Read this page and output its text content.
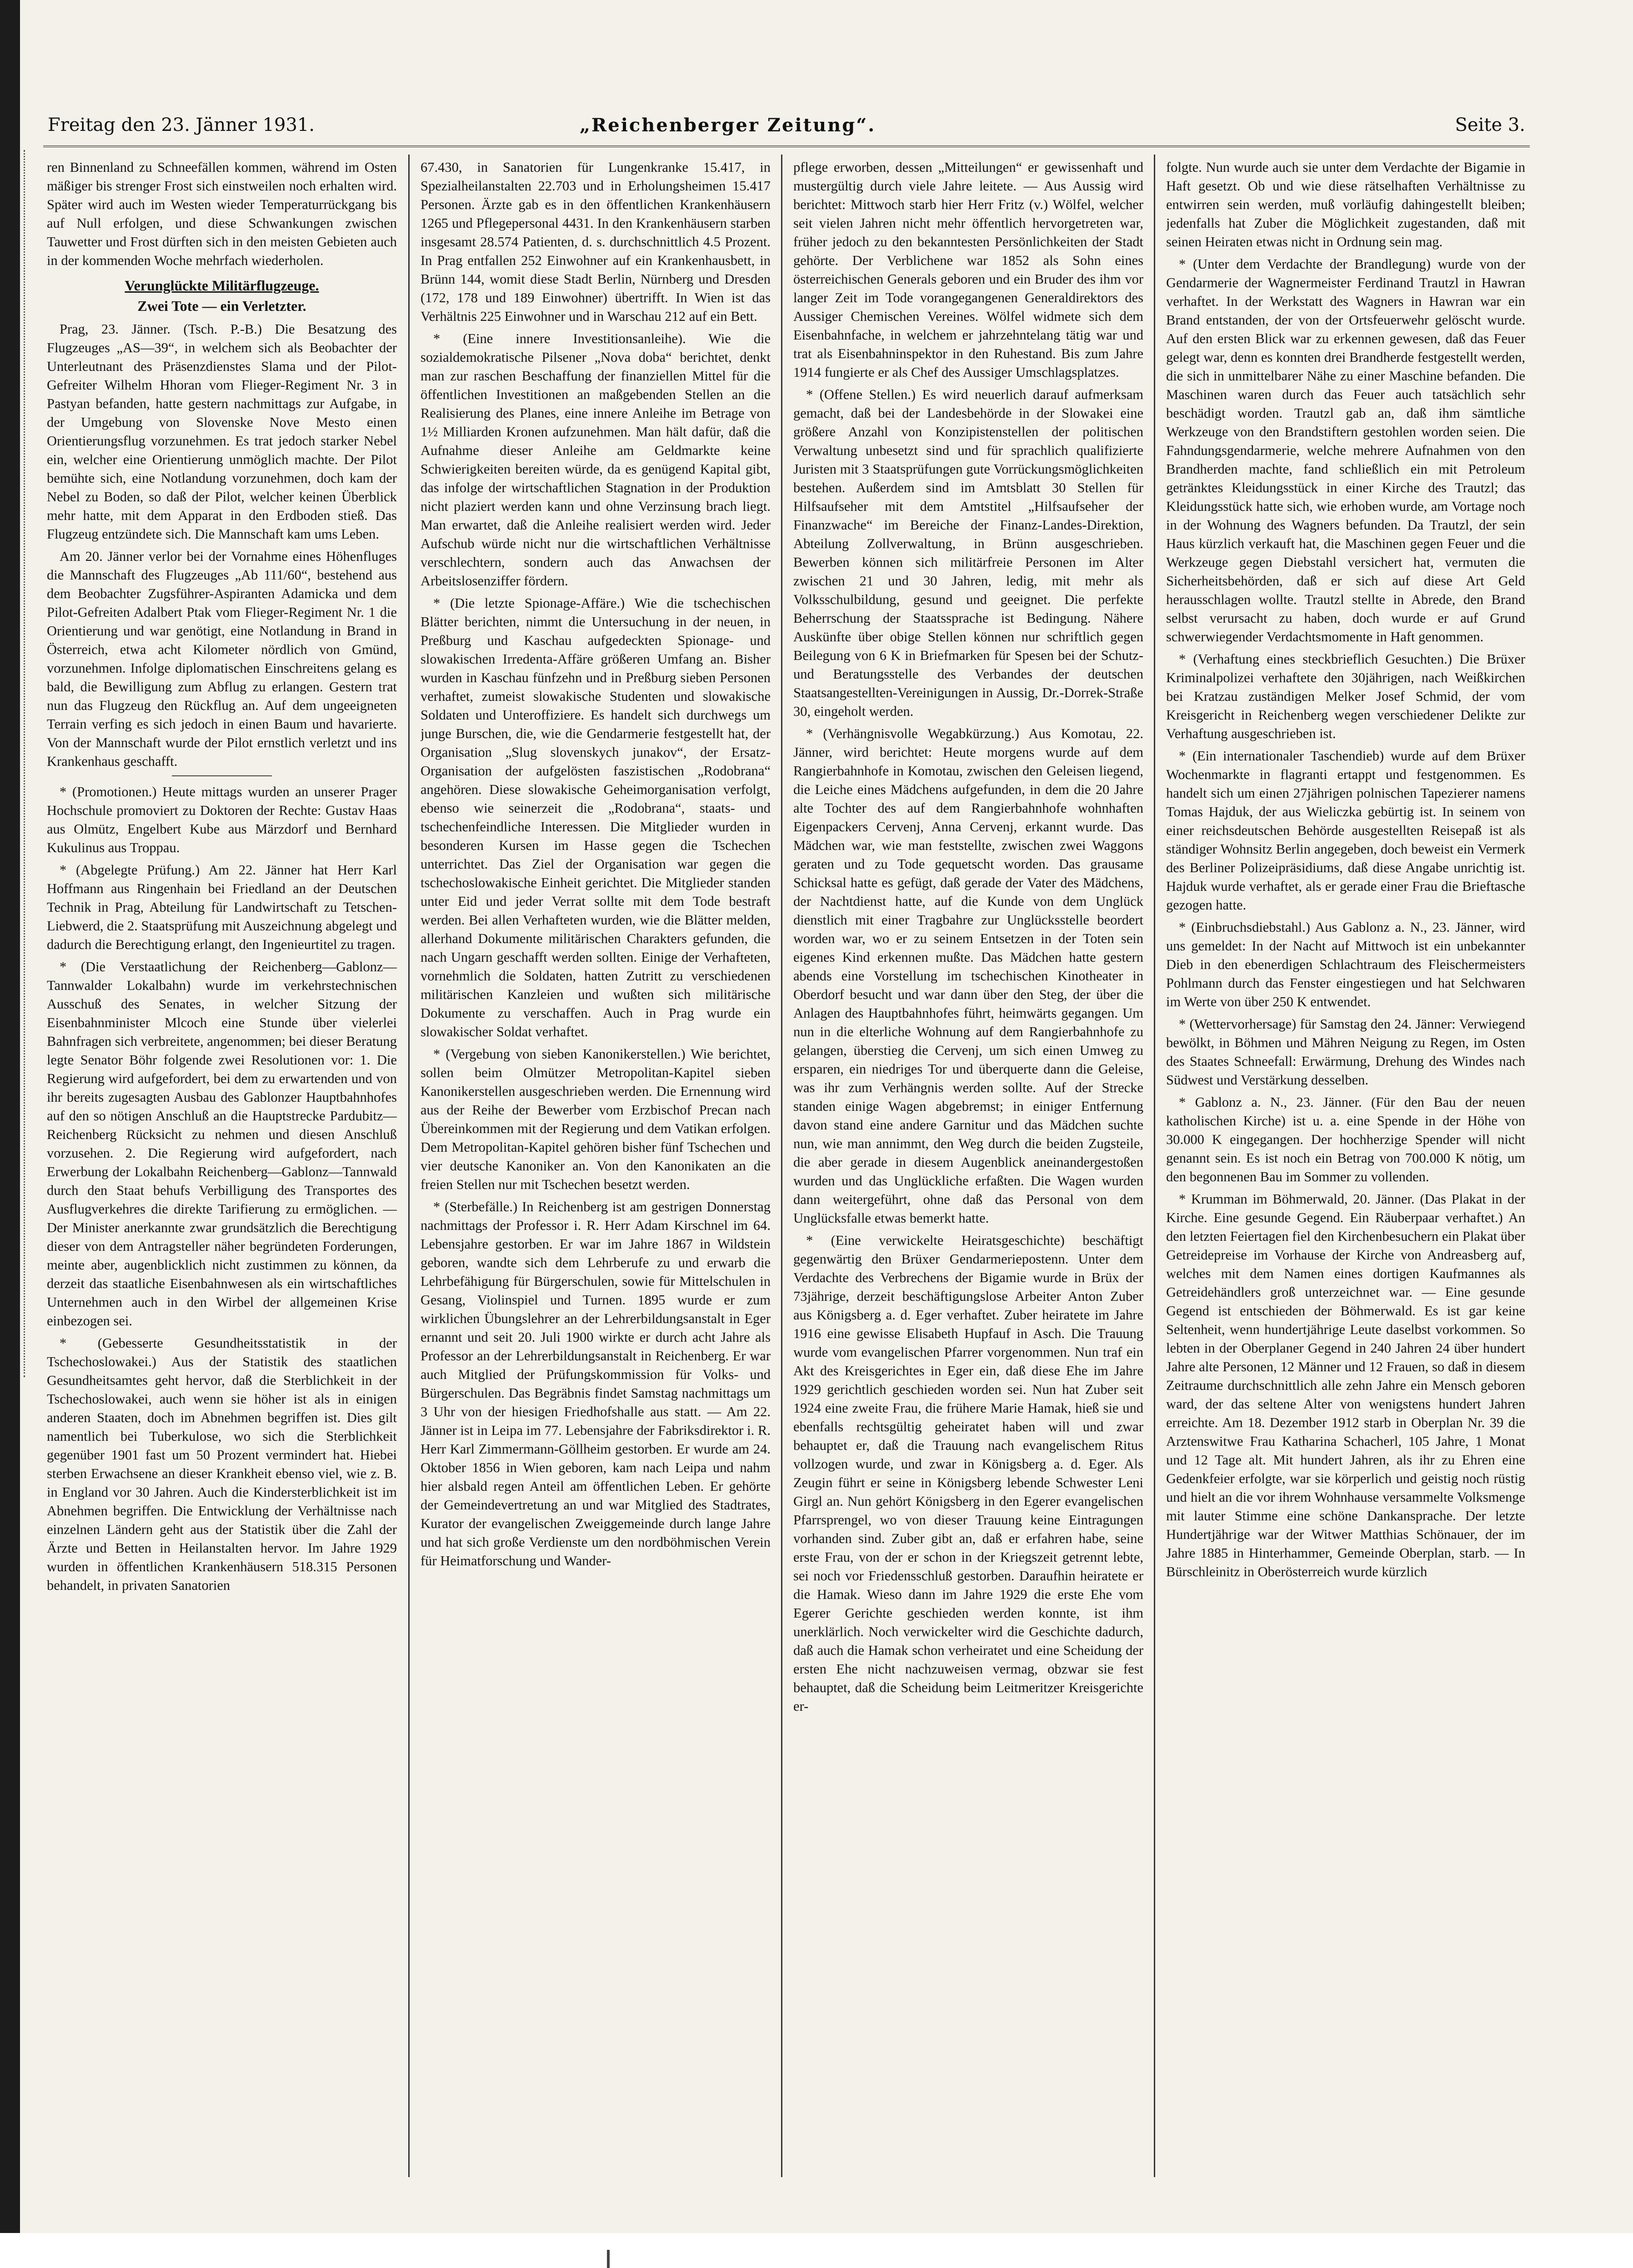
Freitag den 23. Jänner 1931.	„Reichenberger Zeitung“.	Seite 3.

ren Binnenland zu Schneefällen kommen, während im Osten mäßiger bis strenger Frost sich einstweilen noch erhalten wird. Später wird auch im Westen wieder Temperaturrückgang bis auf Null erfolgen, und diese Schwankungen zwischen Tauwetter und Frost dürften sich in den meisten Gebieten auch in der kommenden Woche mehrfach wiederholen.

Verunglückte Militärflugzeuge.
Zwei Tote — ein Verletzter.

Prag, 23. Jänner. (Tsch. P.-B.) Die Besatzung des Flugzeuges „AS—39“, in welchem sich als Beobachter der Unterleutnant des Präsenzdienstes Slama und der Pilot-Gefreiter Wilhelm Hhoran vom Flieger-Regiment Nr. 3 in Pastyan befanden, hatte gestern nachmittags zur Aufgabe, in der Umgebung von Slovenske Nove Mesto einen Orientierungsflug vorzunehmen. Es trat jedoch starker Nebel ein, welcher eine Orientierung unmöglich machte. Der Pilot bemühte sich, eine Notlandung vorzunehmen, doch kam der Nebel zu Boden, so daß der Pilot, welcher keinen Überblick mehr hatte, mit dem Apparat in den Erdboden stieß. Das Flugzeug entzündete sich. Die Mannschaft kam ums Leben.

Am 20. Jänner verlor bei der Vornahme eines Höhenfluges die Mannschaft des Flugzeuges „Ab 111/60“, bestehend aus dem Beobachter Zugsführer-Aspiranten Adamicka und dem Pilot-Gefreiten Adalbert Ptak vom Flieger-Regiment Nr. 1 die Orientierung und war genötigt, eine Notlandung in Brand in Österreich, etwa acht Kilometer nördlich von Gmünd, vorzunehmen. Infolge diplomatischen Einschreitens gelang es bald, die Bewilligung zum Abflug zu erlangen. Gestern trat nun das Flugzeug den Rückflug an. Auf dem ungeeigneten Terrain verfing es sich jedoch in einen Baum und havarierte. Von der Mannschaft wurde der Pilot ernstlich verletzt und ins Krankenhaus geschafft.

* (Promotionen.) Heute mittags wurden an unserer Prager Hochschule promoviert zu Doktoren der Rechte: Gustav Haas aus Olmütz, Engelbert Kube aus Märzdorf und Bernhard Kukulinus aus Troppau.

* (Abgelegte Prüfung.) Am 22. Jänner hat Herr Karl Hoffmann aus Ringenhain bei Friedland an der Deutschen Technik in Prag, Abteilung für Landwirtschaft zu Tetschen-Liebwerd, die 2. Staatsprüfung mit Auszeichnung abgelegt und dadurch die Berechtigung erlangt, den Ingenieurtitel zu tragen.

* (Die Verstaatlichung der Reichenberg—Gablonz—Tannwalder Lokalbahn) wurde im verkehrstechnischen Ausschuß des Senates, in welcher Sitzung der Eisenbahnminister Mlcoch eine Stunde über vielerlei Bahnfragen sich verbreitete, angenommen; bei dieser Beratung legte Senator Böhr folgende zwei Resolutionen vor: 1. Die Regierung wird aufgefordert, bei dem zu erwartenden und von ihr bereits zugesagten Ausbau des Gablonzer Hauptbahnhofes auf den so nötigen Anschluß an die Hauptstrecke Pardubitz—Reichenberg Rücksicht zu nehmen und diesen Anschluß vorzusehen. 2. Die Regierung wird aufgefordert, nach Erwerbung der Lokalbahn Reichenberg—Gablonz—Tannwald durch den Staat behufs Verbilligung des Transportes des Ausflugverkehres die direkte Tarifierung zu ermöglichen. — Der Minister anerkannte zwar grundsätzlich die Berechtigung dieser von dem Antragsteller näher begründeten Forderungen, meinte aber, augenblicklich nicht zustimmen zu können, da derzeit das staatliche Eisenbahnwesen als ein wirtschaftliches Unternehmen auch in den Wirbel der allgemeinen Krise einbezogen sei.

* (Gebesserte Gesundheitsstatistik in der Tschechoslowakei.) Aus der Statistik des staatlichen Gesundheitsamtes geht hervor, daß die Sterblichkeit in der Tschechoslowakei, auch wenn sie höher ist als in einigen anderen Staaten, doch im Abnehmen begriffen ist. Dies gilt namentlich bei Tuberkulose, wo sich die Sterblichkeit gegenüber 1901 fast um 50 Prozent vermindert hat. Hiebei sterben Erwachsene an dieser Krankheit ebenso viel, wie z. B. in England vor 30 Jahren. Auch die Kindersterblichkeit ist im Abnehmen begriffen. Die Entwicklung der Verhältnisse nach einzelnen Ländern geht aus der Statistik über die Zahl der Ärzte und Betten in Heilanstalten hervor. Im Jahre 1929 wurden in öffentlichen Krankenhäusern 518.315 Personen behandelt, in privaten Sanatorien

67.430, in Sanatorien für Lungenkranke 15.417, in Spezialheilanstalten 22.703 und in Erholungsheimen 15.417 Personen. Ärzte gab es in den öffentlichen Krankenhäusern 1265 und Pflegepersonal 4431. In den Krankenhäusern starben insgesamt 28.574 Patienten, d. s. durchschnittlich 4.5 Prozent. In Prag entfallen 252 Einwohner auf ein Krankenhausbett, in Brünn 144, womit diese Stadt Berlin, Nürnberg und Dresden (172, 178 und 189 Einwohner) übertrifft. In Wien ist das Verhältnis 225 Einwohner und in Warschau 212 auf ein Bett.

* (Eine innere Investitionsanleihe). Wie die sozialdemokratische Pilsener „Nova doba“ berichtet, denkt man zur raschen Beschaffung der finanziellen Mittel für die öffentlichen Investitionen an maßgebenden Stellen an die Realisierung des Planes, eine innere Anleihe im Betrage von 1½ Milliarden Kronen aufzunehmen. Man hält dafür, daß die Aufnahme dieser Anleihe am Geldmarkte keine Schwierigkeiten bereiten würde, da es genügend Kapital gibt, das infolge der wirtschaftlichen Stagnation in der Produktion nicht plaziert werden kann und ohne Verzinsung brach liegt. Man erwartet, daß die Anleihe realisiert werden wird. Jeder Aufschub würde nicht nur die wirtschaftlichen Verhältnisse verschlechtern, sondern auch das Anwachsen der Arbeitslosenziffer fördern.

* (Die letzte Spionage-Affäre.) Wie die tschechischen Blätter berichten, nimmt die Untersuchung in der neuen, in Preßburg und Kaschau aufgedeckten Spionage- und slowakischen Irredenta-Affäre größeren Umfang an. Bisher wurden in Kaschau fünfzehn und in Preßburg sieben Personen verhaftet, zumeist slowakische Studenten und slowakische Soldaten und Unteroffiziere. Es handelt sich durchwegs um junge Burschen, die, wie die Gendarmerie festgestellt hat, der Organisation „Slug slovenskych junakov“, der Ersatz-Organisation der aufgelösten faszistischen „Rodobrana“ angehören. Diese slowakische Geheimorganisation verfolgt, ebenso wie seinerzeit die „Rodobrana“, staats- und tschechenfeindliche Interessen. Die Mitglieder wurden in besonderen Kursen im Hasse gegen die Tschechen unterrichtet. Das Ziel der Organisation war gegen die tschechoslowakische Einheit gerichtet. Die Mitglieder standen unter Eid und jeder Verrat sollte mit dem Tode bestraft werden. Bei allen Verhafteten wurden, wie die Blätter melden, allerhand Dokumente militärischen Charakters gefunden, die nach Ungarn geschafft werden sollten. Einige der Verhafteten, vornehmlich die Soldaten, hatten Zutritt zu verschiedenen militärischen Kanzleien und wußten sich militärische Dokumente zu verschaffen. Auch in Prag wurde ein slowakischer Soldat verhaftet.

* (Vergebung von sieben Kanonikerstellen.) Wie berichtet, sollen beim Olmützer Metropolitan-Kapitel sieben Kanonikerstellen ausgeschrieben werden. Die Ernennung wird aus der Reihe der Bewerber vom Erzbischof Precan nach Übereinkommen mit der Regierung und dem Vatikan erfolgen. Dem Metropolitan-Kapitel gehören bisher fünf Tschechen und vier deutsche Kanoniker an. Von den Kanonikaten an die freien Stellen nur mit Tschechen besetzt werden.

* (Sterbefälle.) In Reichenberg ist am gestrigen Donnerstag nachmittags der Professor i. R. Herr Adam Kirschnel im 64. Lebensjahre gestorben. Er war im Jahre 1867 in Wildstein geboren, wandte sich dem Lehrberufe zu und erwarb die Lehrbefähigung für Bürgerschulen, sowie für Mittelschulen in Gesang, Violinspiel und Turnen. 1895 wurde er zum wirklichen Übungslehrer an der Lehrerbildungsanstalt in Eger ernannt und seit 20. Juli 1900 wirkte er durch acht Jahre als Professor an der Lehrerbildungsanstalt in Reichenberg. Er war auch Mitglied der Prüfungskommission für Volks- und Bürgerschulen. Das Begräbnis findet Samstag nachmittags um 3 Uhr von der hiesigen Friedhofshalle aus statt. — Am 22. Jänner ist in Leipa im 77. Lebensjahre der Fabriksdirektor i. R. Herr Karl Zimmermann-Göllheim gestorben. Er wurde am 24. Oktober 1856 in Wien geboren, kam nach Leipa und nahm hier alsbald regen Anteil am öffentlichen Leben. Er gehörte der Gemeindevertretung an und war Mitglied des Stadtrates, Kurator der evangelischen Zweiggemeinde durch lange Jahre und hat sich große Verdienste um den nordböhmischen Verein für Heimatforschung und Wander-

pflege erworben, dessen „Mitteilungen“ er gewissenhaft und mustergültig durch viele Jahre leitete. — Aus Aussig wird berichtet: Mittwoch starb hier Herr Fritz (v.) Wölfel, welcher seit vielen Jahren nicht mehr öffentlich hervorgetreten war, früher jedoch zu den bekanntesten Persönlichkeiten der Stadt gehörte. Der Verblichene war 1852 als Sohn eines österreichischen Generals geboren und ein Bruder des ihm vor langer Zeit im Tode vorangegangenen Generaldirektors des Aussiger Chemischen Vereines. Wölfel widmete sich dem Eisenbahnfache, in welchem er jahrzehntelang tätig war und trat als Eisenbahninspektor in den Ruhestand. Bis zum Jahre 1914 fungierte er als Chef des Aussiger Umschlagsplatzes.

* (Offene Stellen.) Es wird neuerlich darauf aufmerksam gemacht, daß bei der Landesbehörde in der Slowakei eine größere Anzahl von Konzipistenstellen der politischen Verwaltung unbesetzt sind und für sprachlich qualifizierte Juristen mit 3 Staatsprüfungen gute Vorrückungsmöglichkeiten bestehen. Außerdem sind im Amtsblatt 30 Stellen für Hilfsaufseher mit dem Amtstitel „Hilfsaufseher der Finanzwache“ im Bereiche der Finanz-Landes-Direktion, Abteilung Zollverwaltung, in Brünn ausgeschrieben. Bewerben können sich militärfreie Personen im Alter zwischen 21 und 30 Jahren, ledig, mit mehr als Volksschulbildung, gesund und geeignet. Die perfekte Beherrschung der Staatssprache ist Bedingung. Nähere Auskünfte über obige Stellen können nur schriftlich gegen Beilegung von 6 K in Briefmarken für Spesen bei der Schutz- und Beratungsstelle des Verbandes der deutschen Staatsangestellten-Vereinigungen in Aussig, Dr.-Dorrek-Straße 30, eingeholt werden.

* (Verhängnisvolle Wegabkürzung.) Aus Komotau, 22. Jänner, wird berichtet: Heute morgens wurde auf dem Rangierbahnhofe in Komotau, zwischen den Geleisen liegend, die Leiche eines Mädchens aufgefunden, in dem die 20 Jahre alte Tochter des auf dem Rangierbahnhofe wohnhaften Eigenpackers Cervenj, Anna Cervenj, erkannt wurde. Das Mädchen war, wie man feststellte, zwischen zwei Waggons geraten und zu Tode gequetscht worden. Das grausame Schicksal hatte es gefügt, daß gerade der Vater des Mädchens, der Nachtdienst hatte, auf die Kunde von dem Unglück dienstlich mit einer Tragbahre zur Unglücksstelle beordert worden war, wo er zu seinem Entsetzen in der Toten sein eigenes Kind erkennen mußte. Das Mädchen hatte gestern abends eine Vorstellung im tschechischen Kinotheater in Oberdorf besucht und war dann über den Steg, der über die Anlagen des Hauptbahnhofes führt, heimwärts gegangen. Um nun in die elterliche Wohnung auf dem Rangierbahnhofe zu gelangen, überstieg die Cervenj, um sich einen Umweg zu ersparen, ein niedriges Tor und überquerte dann die Geleise, was ihr zum Verhängnis werden sollte. Auf der Strecke standen einige Wagen abgebremst; in einiger Entfernung davon stand eine andere Garnitur und das Mädchen suchte nun, wie man annimmt, den Weg durch die beiden Zugsteile, die aber gerade in diesem Augenblick aneinandergestoßen wurden und das Unglückliche erfaßten. Die Wagen wurden dann weitergeführt, ohne daß das Personal von dem Unglücksfalle etwas bemerkt hatte.

* (Eine verwickelte Heiratsgeschichte) beschäftigt gegenwärtig den Brüxer Gendarmeriepostenn. Unter dem Verdachte des Verbrechens der Bigamie wurde in Brüx der 73jährige, derzeit beschäftigungslose Arbeiter Anton Zuber aus Königsberg a. d. Eger verhaftet. Zuber heiratete im Jahre 1916 eine gewisse Elisabeth Hupfauf in Asch. Die Trauung wurde vom evangelischen Pfarrer vorgenommen. Nun traf ein Akt des Kreisgerichtes in Eger ein, daß diese Ehe im Jahre 1929 gerichtlich geschieden worden sei. Nun hat Zuber seit 1924 eine zweite Frau, die frühere Marie Hamak, hieß sie und ebenfalls rechtsgültig geheiratet haben will und zwar behauptet er, daß die Trauung nach evangelischem Ritus vollzogen wurde, und zwar in Königsberg a. d. Eger. Als Zeugin führt er seine in Königsberg lebende Schwester Leni Girgl an. Nun gehört Königsberg in den Egerer evangelischen Pfarrsprengel, wo von dieser Trauung keine Eintragungen vorhanden sind. Zuber gibt an, daß er erfahren habe, seine erste Frau, von der er schon in der Kriegszeit getrennt lebte, sei noch vor Friedensschluß gestorben. Daraufhin heiratete er die Hamak. Wieso dann im Jahre 1929 die erste Ehe vom Egerer Gerichte geschieden werden konnte, ist ihm unerklärlich. Noch verwickelter wird die Geschichte dadurch, daß auch die Hamak schon verheiratet und eine Scheidung der ersten Ehe nicht nachzuweisen vermag, obzwar sie fest behauptet, daß die Scheidung beim Leitmeritzer Kreisgerichte er-

folgte. Nun wurde auch sie unter dem Verdachte der Bigamie in Haft gesetzt. Ob und wie diese rätselhaften Verhältnisse zu entwirren sein werden, muß vorläufig dahingestellt bleiben; jedenfalls hat Zuber die Möglichkeit zugestanden, daß mit seinen Heiraten etwas nicht in Ordnung sein mag.

* (Unter dem Verdachte der Brandlegung) wurde von der Gendarmerie der Wagnermeister Ferdinand Trautzl in Hawran verhaftet. In der Werkstatt des Wagners in Hawran war ein Brand entstanden, der von der Ortsfeuerwehr gelöscht wurde. Auf den ersten Blick war zu erkennen gewesen, daß das Feuer gelegt war, denn es konnten drei Brandherde festgestellt werden, die sich in unmittelbarer Nähe zu einer Maschine befanden. Die Maschinen waren durch das Feuer auch tatsächlich sehr beschädigt worden. Trautzl gab an, daß ihm sämtliche Werkzeuge von den Brandstiftern gestohlen worden seien. Die Fahndungsgendarmerie, welche mehrere Aufnahmen von den Brandherden machte, fand schließlich ein mit Petroleum getränktes Kleidungsstück in einer Kirche des Trautzl; das Kleidungsstück hatte sich, wie erhoben wurde, am Vortage noch in der Wohnung des Wagners befunden. Da Trautzl, der sein Haus kürzlich verkauft hat, die Maschinen gegen Feuer und die Werkzeuge gegen Diebstahl versichert hat, vermuten die Sicherheitsbehörden, daß er sich auf diese Art Geld herausschlagen wollte. Trautzl stellte in Abrede, den Brand selbst verursacht zu haben, doch wurde er auf Grund schwerwiegender Verdachtsmomente in Haft genommen.

* (Verhaftung eines steckbrieflich Gesuchten.) Die Brüxer Kriminalpolizei verhaftete den 30jährigen, nach Weißkirchen bei Kratzau zuständigen Melker Josef Schmid, der vom Kreisgericht in Reichenberg wegen verschiedener Delikte zur Verhaftung ausgeschrieben ist.

* (Ein internationaler Taschendieb) wurde auf dem Brüxer Wochenmarkte in flagranti ertappt und festgenommen. Es handelt sich um einen 27jährigen polnischen Tapezierer namens Tomas Hajduk, der aus Wieliczka gebürtig ist. In seinem von einer reichsdeutschen Behörde ausgestellten Reisepaß ist als ständiger Wohnsitz Berlin angegeben, doch beweist ein Vermerk des Berliner Polizeipräsidiums, daß diese Angabe unrichtig ist. Hajduk wurde verhaftet, als er gerade einer Frau die Brieftasche gezogen hatte.

* (Einbruchsdiebstahl.) Aus Gablonz a. N., 23. Jänner, wird uns gemeldet: In der Nacht auf Mittwoch ist ein unbekannter Dieb in den ebenerdigen Schlachtraum des Fleischermeisters Pohlmann durch das Fenster eingestiegen und hat Selchwaren im Werte von über 250 K entwendet.

* (Wettervorhersage) für Samstag den 24. Jänner: Verwiegend bewölkt, in Böhmen und Mähren Neigung zu Regen, im Osten des Staates Schneefall: Erwärmung, Drehung des Windes nach Südwest und Verstärkung desselben.

* Gablonz a. N., 23. Jänner. (Für den Bau der neuen katholischen Kirche) ist u. a. eine Spende in der Höhe von 30.000 K eingegangen. Der hochherzige Spender will nicht genannt sein. Es ist noch ein Betrag von 700.000 K nötig, um den begonnenen Bau im Sommer zu vollenden.

* Krumman im Böhmerwald, 20. Jänner. (Das Plakat in der Kirche. Eine gesunde Gegend. Ein Räuberpaar verhaftet.) An den letzten Feiertagen fiel den Kirchenbesuchern ein Plakat über Getreidepreise im Vorhause der Kirche von Andreasberg auf, welches mit dem Namen eines dortigen Kaufmannes als Getreidehändlers groß unterzeichnet war. — Eine gesunde Gegend ist entschieden der Böhmerwald. Es ist gar keine Seltenheit, wenn hundertjährige Leute daselbst vorkommen. So lebten in der Oberplaner Gegend in 240 Jahren 24 über hundert Jahre alte Personen, 12 Männer und 12 Frauen, so daß in diesem Zeitraume durchschnittlich alle zehn Jahre ein Mensch geboren ward, der das seltene Alter von wenigstens hundert Jahren erreichte. Am 18. Dezember 1912 starb in Oberplan Nr. 39 die Arztenswitwe Frau Katharina Schacherl, 105 Jahre, 1 Monat und 12 Tage alt. Mit hundert Jahren, als ihr zu Ehren eine Gedenkfeier erfolgte, war sie körperlich und geistig noch rüstig und hielt an die vor ihrem Wohnhause versammelte Volksmenge mit lauter Stimme eine schöne Dankansprache. Der letzte Hundertjährige war der Witwer Matthias Schönauer, der im Jahre 1885 in Hinterhammer, Gemeinde Oberplan, starb. — In Bürschleinitz in Oberösterreich wurde kürzlich
